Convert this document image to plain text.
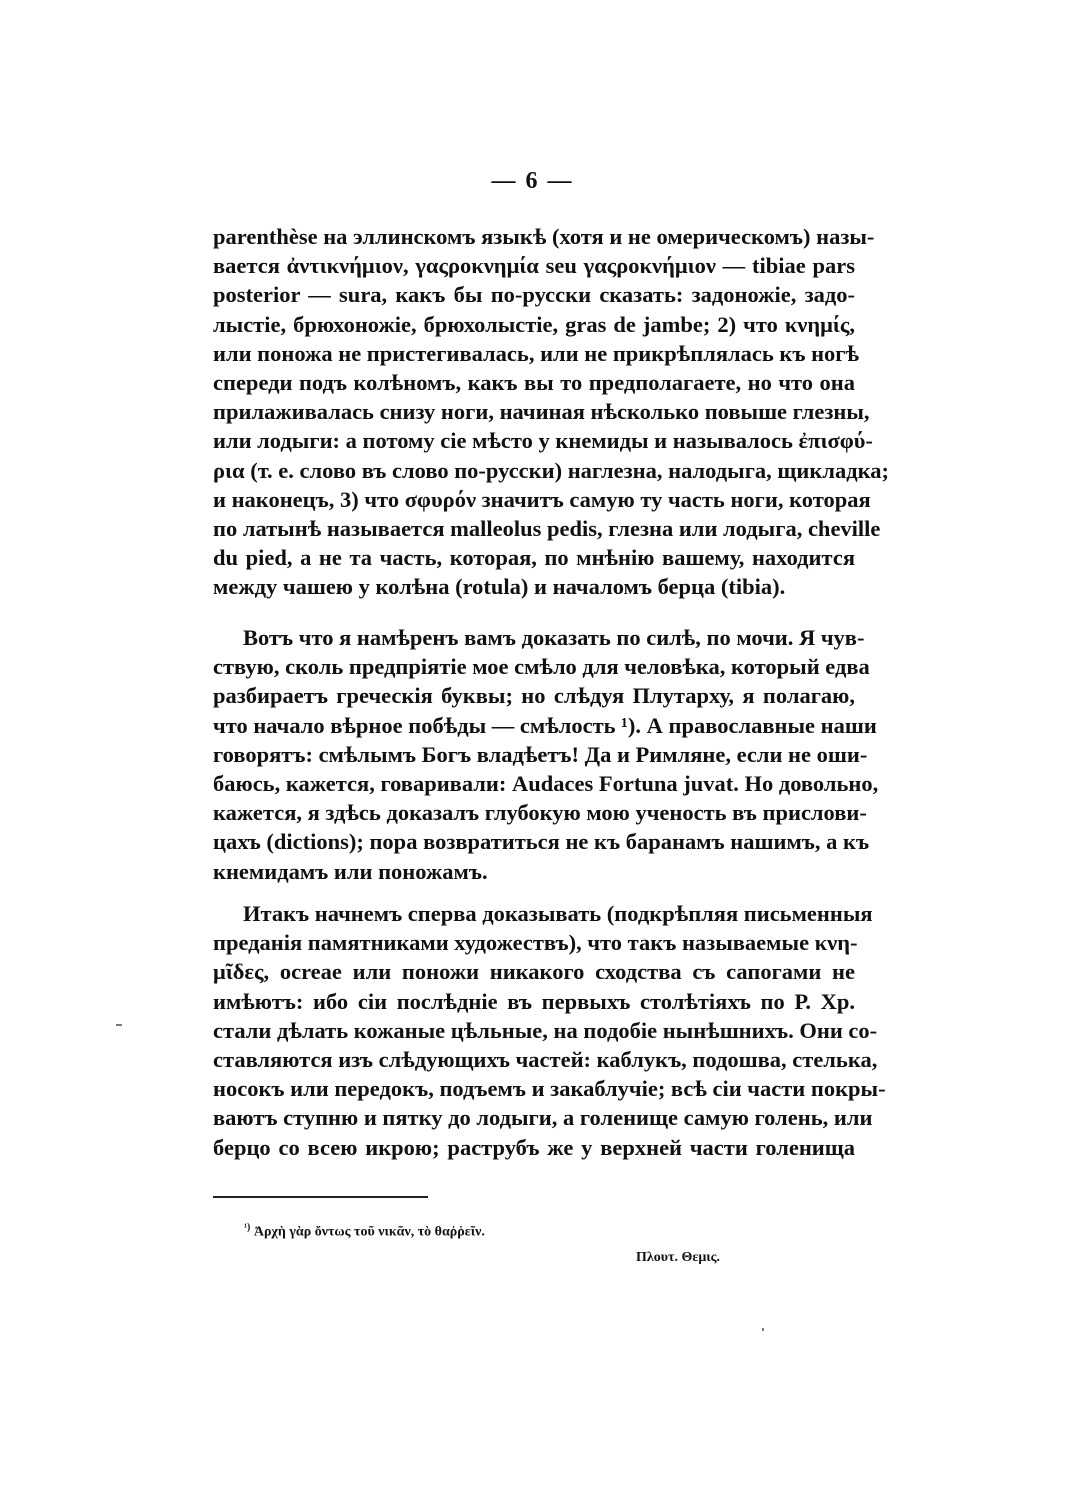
— 6 —
parenthèse на эллинскомъ языкѣ (хотя и не омерическомъ) назы-
вается ἀντικνήμιον, γαςροκνημία seu γαςροκνήμιον — tibiae pars
posterior — sura, какъ бы по-русски сказать: задоножіе, задо-
лыстіе, брюхоножіе, брюхолыстіе, gras de jambe; 2) что κνημίς,
или поножа не пристегивалась, или не прикрѣплялась къ ногѣ
спереди подъ колѣномъ, какъ вы то предполагаете, но что она
прилаживалась снизу ноги, начиная нѣсколько повыше глезны,
или лодыги: а потому сіе мѣсто у кнемиды и называлось ἐπισφύ-
ρια (т. е. слово въ слово по-русски) наглезна, налодыга, щикладка;
и наконецъ, 3) что σφυρόν значитъ самую ту часть ноги, которая
по латынѣ называется malleolus pedis, глезна или лодыга, cheville
du pied, а не та часть, которая, по мнѣнію вашему, находится
между чашею у колѣна (rotula) и началомъ берца (tibia).
Вотъ что я намѣренъ вамъ доказать по силѣ, по мочи. Я чув-
ствую, сколь предпріятіе мое смѣло для человѣка, который едва
разбираетъ греческія буквы; но слѣдуя Плутарху, я полагаю,
что начало вѣрное побѣды — смѣлость ¹). А православные наши
говорятъ: смѣлымъ Богъ владѣетъ! Да и Римляне, если не оши-
баюсь, кажется, говаривали: Audaces Fortuna juvat. Но довольно,
кажется, я здѣсь доказалъ глубокую мою ученость въ прислови-
цахъ (dictions); пора возвратиться не къ баранамъ нашимъ, а къ
кнемидамъ или поножамъ.
Итакъ начнемъ сперва доказывать (подкрѣпляя письменныя
преданія памятниками художествъ), что такъ называемые κνη-
μῖδες, ocreae или поножи никакого сходства съ сапогами не
имѣютъ: ибо сіи послѣдніе въ первыхъ столѣтіяхъ по Р. Хр.
стали дѣлать кожаные цѣльные, на подобіе нынѣшнихъ. Они со-
ставляются изъ слѣдующихъ частей: каблукъ, подошва, стелька,
носокъ или передокъ, подъемъ и закаблучіе; всѣ сіи части покры-
ваютъ ступню и пятку до лодыги, а голенище самую голень, или
берцо со всею икрою; раструбъ же у верхней части голенища
$^{^1)}$ Ἀρχὴ γὰρ ὄντως τοῦ νικᾶν, τὸ θαῤῥεῖν.
Πλουτ. Θεμις.
